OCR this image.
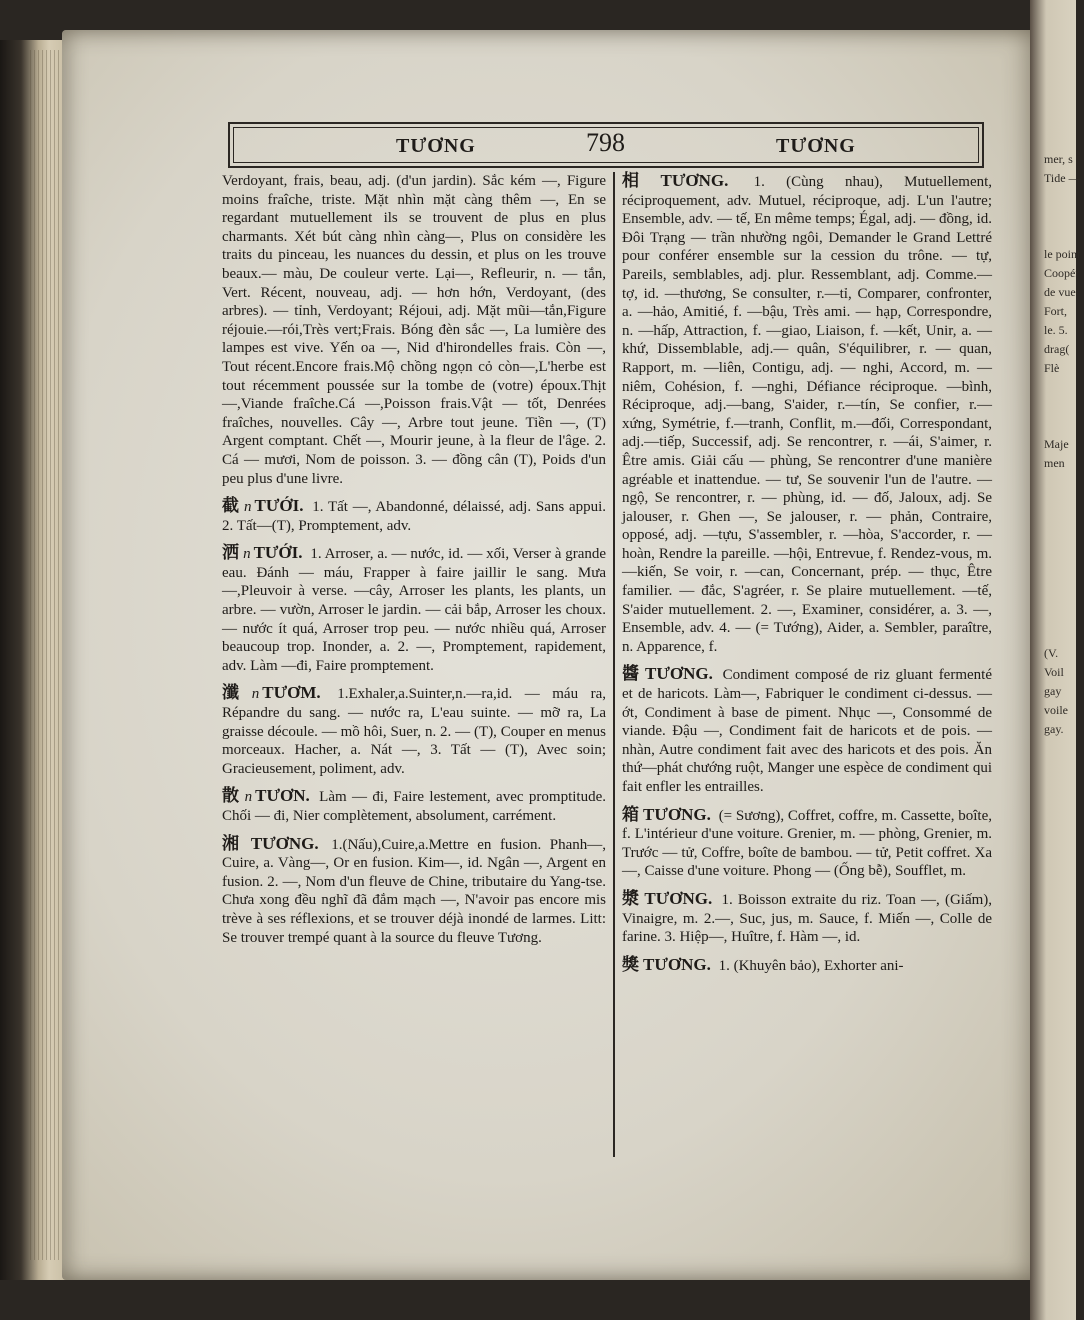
mer, s
Tide —

le point
Coopér
de vue
Fort,
le. 5.
drag(
Flè

Maje
men

(V.
Voil
gay
voile
gay.
TƯƠNG	798	TƯƠNG

Verdoyant, frais, beau, adj. (d'un jardin). Sắc kém —, Figure moins fraîche, triste. Mặt nhìn mặt càng thêm —, En se regardant mutuellement ils se trouvent de plus en plus charmants. Xét bút càng nhìn càng—, Plus on considère les traits du pinceau, les nuances du dessin, et plus on les trouve beaux.— màu, De couleur verte. Lại—, Refleurir, n. — tắn, Vert. Récent, nouveau, adj. — hơn hớn, Verdoyant, (des arbres). — tỉnh, Verdoyant; Réjoui, adj. Mặt mũi—tắn,Figure réjouie.—rói,Très vert;Frais. Bóng đèn sắc —, La lumière des lampes est vive. Yến oa —, Nid d'hirondelles frais. Còn —, Tout récent.Encore frais.Mộ chồng ngọn cỏ còn—,L'herbe est tout récemment poussée sur la tombe de (votre) époux.Thịt—,Viande fraîche.Cá —,Poisson frais.Vật — tốt, Denrées fraîches, nouvelles. Cây —, Arbre tout jeune. Tiền —, (T) Argent comptant. Chết —, Mourir jeune, à la fleur de l'âge. 2. Cá — mươi, Nom de poisson. 3. — đồng cân (T), Poids d'un peu plus d'une livre.

截 n TƯỚI. 1. Tất —, Abandonné, délaissé, adj. Sans appui. 2. Tất—(T), Promptement, adv.

洒 n TƯỚI. 1. Arroser, a. — nước, id. — xối, Verser à grande eau. Đánh — máu, Frapper à faire jaillir le sang. Mưa—,Pleuvoir à verse. —cây, Arroser les plants, les plants, un arbre. — vườn, Arroser le jardin. — cải bắp, Arroser les choux. — nước ít quá, Arroser trop peu. — nước nhiều quá, Arroser beaucoup trop. Inonder, a. 2. —, Promptement, rapidement, adv. Làm —đi, Faire promptement.

瀸 n TƯƠM. 1.Exhaler,a.Suinter,n.—ra,id. — máu ra, Répandre du sang. — nước ra, L'eau suinte. — mỡ ra, La graisse découle. — mồ hôi, Suer, n. 2. — (T), Couper en menus morceaux. Hacher, a. Nát —, 3. Tất — (T), Avec soin; Gracieusement, poliment, adv.

散 n TƯƠN. Làm — đi, Faire lestement, avec promptitude. Chối — đi, Nier complètement, absolument, carrément.

湘 TƯƠNG. 1.(Nấu),Cuire,a.Mettre en fusion. Phanh—, Cuire, a. Vàng—, Or en fusion. Kim—, id. Ngân —, Argent en fusion. 2. —, Nom d'un fleuve de Chine, tributaire du Yang-tse. Chưa xong đều nghĩ đã đắm mạch —, N'avoir pas encore mis trève à ses réflexions, et se trouver déjà inondé de larmes. Litt: Se trouver trempé quant à la source du fleuve Tương.

相 TƯƠNG. 1. (Cùng nhau), Mutuellement, réciproquement, adv. Mutuel, réciproque, adj. L'un l'autre; Ensemble, adv. — tế, En même temps; Égal, adj. — đồng, id. Đôi Trạng — trần nhường ngôi, Demander le Grand Lettré pour conférer ensemble sur la cession du trône. — tự, Pareils, semblables, adj. plur. Ressemblant, adj. Comme.—tợ, id. —thương, Se consulter, r.—tỉ, Comparer, confronter, a. —hảo, Amitié, f. —bậu, Très ami. — hạp, Correspondre, n. —hấp, Attraction, f. —giao, Liaison, f. —kết, Unir, a. —khứ, Dissemblable, adj.— quân, S'équilibrer, r. — quan, Rapport, m. —liên, Contigu, adj. — nghi, Accord, m. — niêm, Cohésion, f. —nghi, Défiance réciproque. —bình, Réciproque, adj.—bang, S'aider, r.—tín, Se confier, r.— xứng, Symétrie, f.—tranh, Conflit, m.—đối, Correspondant, adj.—tiếp, Successif, adj. Se rencontrer, r. —ái, S'aimer, r. Être amis. Giải cấu — phùng, Se rencontrer d'une manière agréable et inattendue. — tư, Se souvenir l'un de l'autre. — ngộ, Se rencontrer, r. — phùng, id. — đố, Jaloux, adj. Se jalouser, r. Ghen —, Se jalouser, r. — phản, Contraire, opposé, adj. —tựu, S'assembler, r. —hòa, S'accorder, r. —hoàn, Rendre la pareille. —hội, Entrevue, f. Rendez-vous, m. —kiến, Se voir, r. —can, Concernant, prép. — thục, Être familier. — đắc, S'agréer, r. Se plaire mutuellement. —tế, S'aider mutuellement. 2. —, Examiner, considérer, a. 3. —, Ensemble, adv. 4. — (= Tướng), Aider, a. Sembler, paraître, n. Apparence, f.

醬 TƯƠNG. Condiment composé de riz gluant fermenté et de haricots. Làm—, Fabriquer le condiment ci-dessus. — ớt, Condiment à base de piment. Nhục —, Consommé de viande. Đậu —, Condiment fait de haricots et de pois. — nhàn, Autre condiment fait avec des haricots et des pois. Ăn thứ—phát chướng ruột, Manger une espèce de condiment qui fait enfler les entrailles.

箱 TƯƠNG. (= Sương), Coffret, coffre, m. Cassette, boîte, f. L'intérieur d'une voiture. Grenier, m. — phòng, Grenier, m. Trước — tử, Coffre, boîte de bambou. — tử, Petit coffret. Xa —, Caisse d'une voiture. Phong — (Ống bễ), Soufflet, m.

漿 TƯƠNG. 1. Boisson extraite du riz. Toan —, (Giấm), Vinaigre, m. 2.—, Suc, jus, m. Sauce, f. Miến —, Colle de farine. 3. Hiệp—, Huître, f. Hàm —, id.

獎 TƯƠNG. 1. (Khuyên bảo), Exhorter ani-
